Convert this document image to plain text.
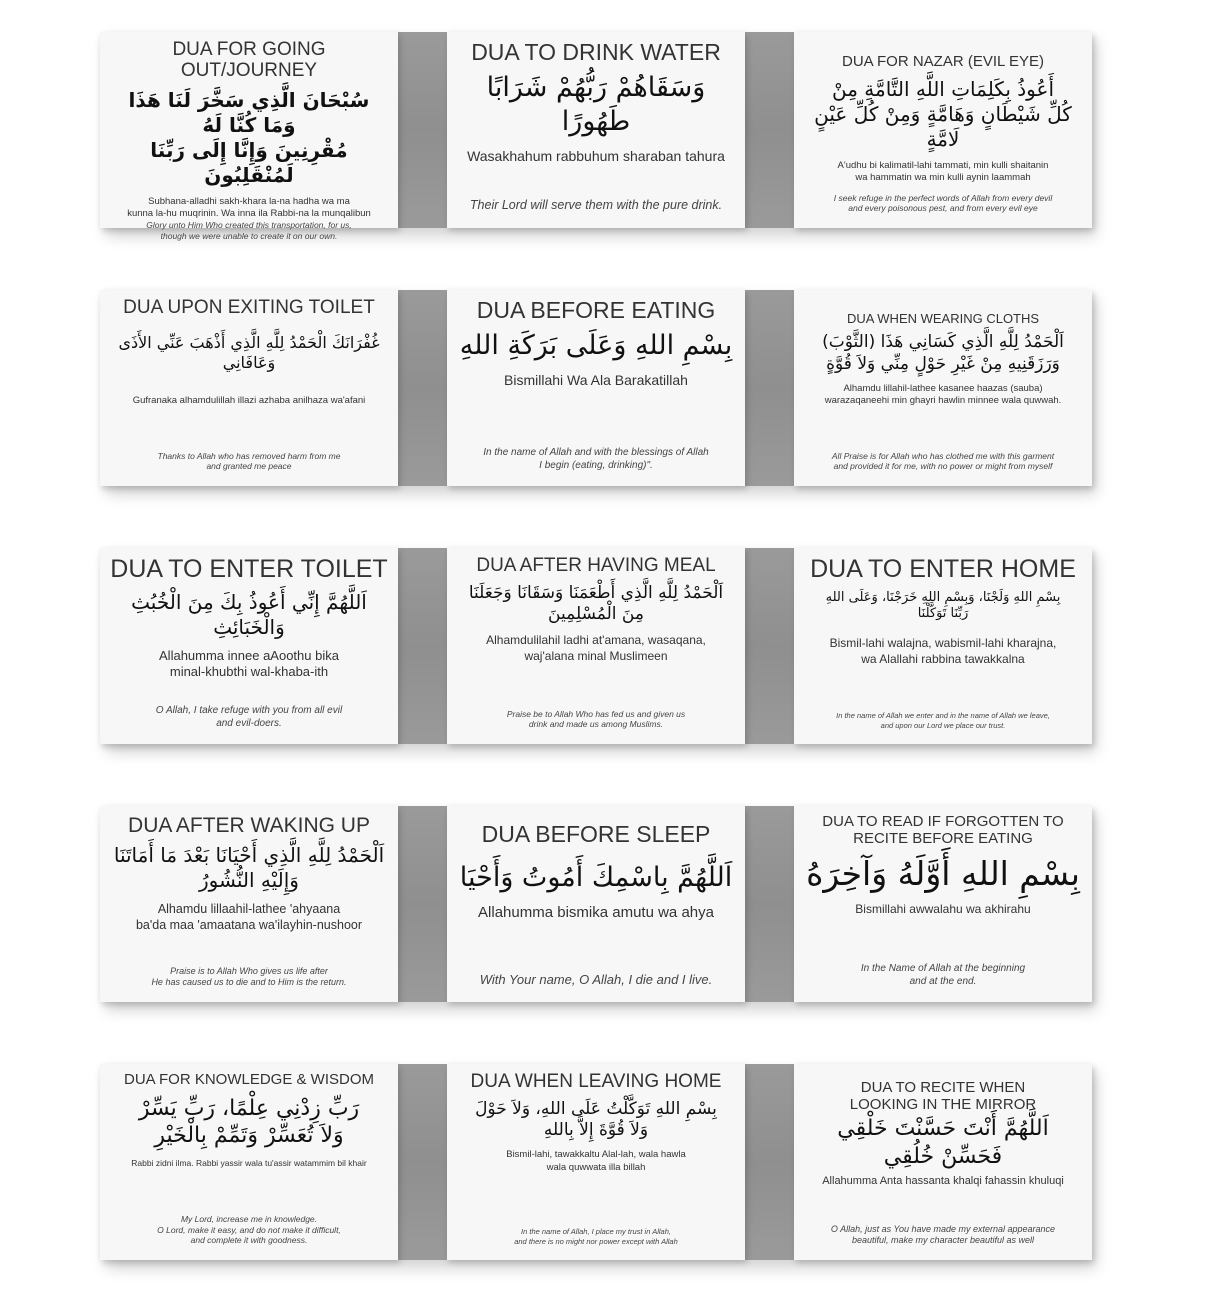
DUA FOR GOING OUT/JOURNEY
سُبْحَانَ الَّذِي سَخَّرَ لَنَا هَذَا وَمَا كُنَّا لَهُ
مُقْرِنِينَ وَإِنَّا إِلَى رَبِّنَا لَمُنْقَلِبُونَ
Subhana-alladhi sakh-khara la-na hadha wa ma
kunna la-hu muqrinin. Wa inna ila Rabbi-na la munqalibun
Glory unto Him Who created this transportation, for us,
though we were unable to create it on our own.
DUA TO DRINK WATER
وَسَقَاهُمْ رَبُّهُمْ شَرَابًا طَهُورًا
Wasakhahum rabbuhum sharaban tahura
Their Lord will serve them with the pure drink.
DUA FOR NAZAR (EVIL EYE)
أَعُوذُ بِكَلِمَاتِ اللَّهِ التَّامَّةِ مِنْ
كُلِّ شَيْطَانٍ وَهَامَّةٍ وَمِنْ كُلِّ عَيْنٍ لَامَّةٍ
A'udhu bi kalimatil-lahi tammati, min kulli shaitanin
wa hammatin wa min kulli aynin laammah
I seek refuge in the perfect words of Allah from every devil
and every poisonous pest, and from every evil eye
DUA UPON EXITING TOILET
غُفْرَانَكَ الْحَمْدُ لِلَّهِ الَّذِي أَذْهَبَ عَنِّي الأَذَى
وَعَافَانِي
Gufranaka alhamdulillah illazi azhaba anilhaza wa'afani
Thanks to Allah who has removed harm from me
and granted me peace
DUA BEFORE EATING
بِسْمِ اللهِ وَعَلَى بَرَكَةِ اللهِ
Bismillahi Wa Ala Barakatillah
In the name of Allah and with the blessings of Allah
I begin (eating, drinking)".
DUA WHEN WEARING CLOTHS
اَلْحَمْدُ لِلَّهِ الَّذِي كَسَانِي هَذَا (الثَّوْبَ)
وَرَزَقَنِيهِ مِنْ غَيْرِ حَوْلٍ مِنِّي وَلاَ قُوَّةٍ
Alhamdu lillahil-lathee kasanee haazas (sauba)
warazaqaneehi min ghayri hawlin minnee wala quwwah.
All Praise is for Allah who has clothed me with this garment
and provided it for me, with no power or might from myself
DUA TO ENTER TOILET
اَللَّهُمَّ إِنِّي أَعُوذُ بِكَ مِنَ الْخُبُثِ
وَالْخَبَائِثِ
Allahumma innee aAoothu bika
minal-khubthi wal-khaba-ith
O Allah, I take refuge with you from all evil
and evil-doers.
DUA AFTER HAVING MEAL
اَلْحَمْدُ لِلَّهِ الَّذِي أَطْعَمَنَا وَسَقَانَا وَجَعَلَنَا
مِنَ الْمُسْلِمِينَ
Alhamdulilahil ladhi at'amana, wasaqana,
waj'alana minal Muslimeen
Praise be to Allah Who has fed us and given us
drink and made us among Muslims.
DUA TO ENTER HOME
بِسْمِ اللهِ وَلَجْنَا، وَبِسْمِ اللهِ خَرَجْنَا، وَعَلَى اللهِ
رَبِّنَا تَوَكَّلْنَا
Bismil-lahi walajna, wabismil-lahi kharajna,
wa Alallahi rabbina tawakkalna
In the name of Allah we enter and in the name of Allah we leave,
and upon our Lord we place our trust.
DUA AFTER WAKING UP
اَلْحَمْدُ لِلَّهِ الَّذِي أَحْيَانَا بَعْدَ مَا أَمَاتَنَا
وَإِلَيْهِ النُّشُورُ
Alhamdu lillaahil-lathee 'ahyaana
ba'da maa 'amaatana wa'ilayhin-nushoor
Praise is to Allah Who gives us life after
He has caused us to die and to Him is the return.
DUA BEFORE SLEEP
اَللَّهُمَّ بِاسْمِكَ أَمُوتُ وَأَحْيَا
Allahumma bismika amutu wa ahya
With Your name, O Allah, I die and I live.
DUA TO READ IF FORGOTTEN TO
RECITE BEFORE EATING
بِسْمِ اللهِ أَوَّلَهُ وَآخِرَهُ
Bismillahi awwalahu wa akhirahu
In the Name of Allah at the beginning
and at the end.
DUA FOR KNOWLEDGE & WISDOM
رَبِّ زِدْنِي عِلْمًا، رَبِّ يَسِّرْ
وَلاَ تُعَسِّرْ وَتَمِّمْ بِالْخَيْرِ
Rabbi zidni ilma. Rabbi yassir wala tu'assir watammim bil khair
My Lord, increase me in knowledge.
O Lord, make it easy, and do not make it difficult,
and complete it with goodness.
DUA WHEN LEAVING HOME
بِسْمِ اللهِ تَوَكَّلْتُ عَلَى اللهِ، وَلاَ حَوْلَ
وَلاَ قُوَّةَ إِلاَّ بِاللهِ
Bismil-lahi, tawakkaltu Alal-lah, wala hawla
wala quwwata illa billah
In the name of Allah, I place my trust in Allah,
and there is no might nor power except with Allah
DUA TO RECITE WHEN
LOOKING IN THE MIRROR
اَللَّهُمَّ أَنْتَ حَسَّنْتَ خَلْقِي
فَحَسِّنْ خُلُقِي
Allahumma Anta hassanta khalqi fahassin khuluqi
O Allah, just as You have made my external appearance
beautiful, make my character beautiful as well
